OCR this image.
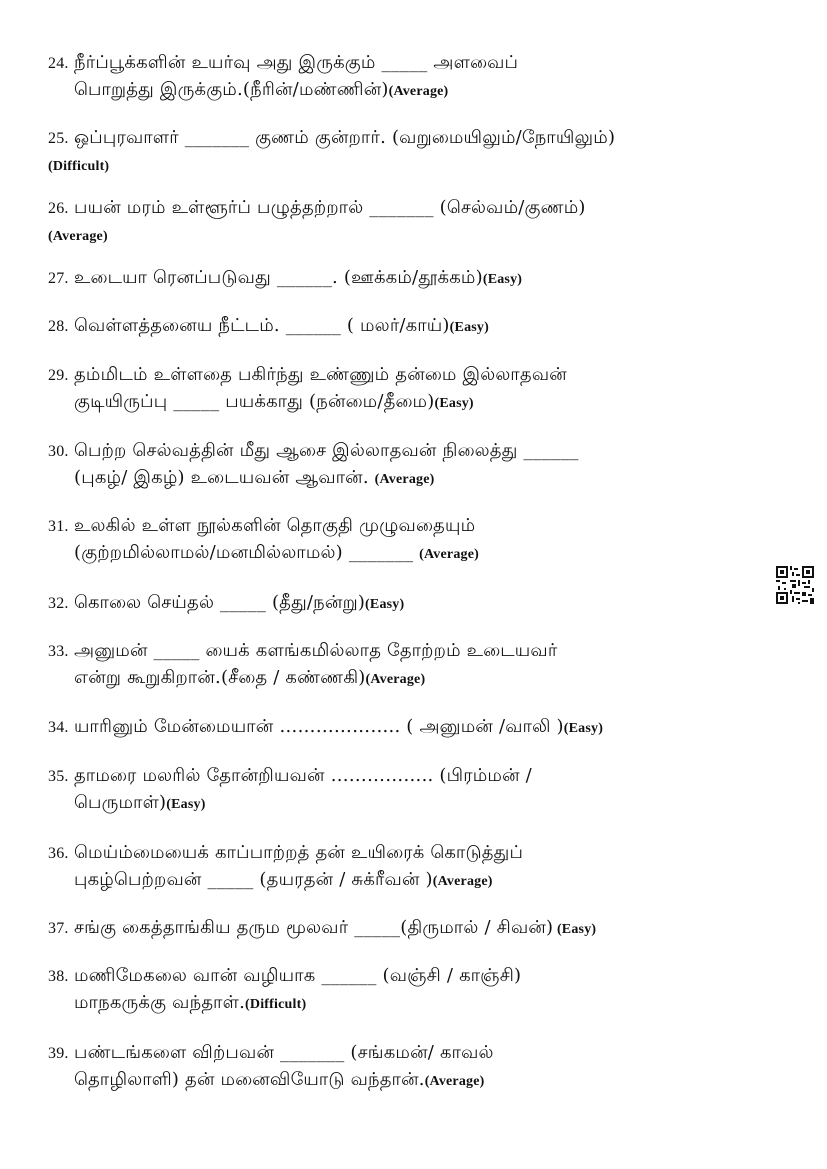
24. நீர்ப்பூக்களின் உயர்வு அது இருக்கும் _____ அளவைப்
பொறுத்து இருக்கும்.(நீரின்/மண்ணின்)(Average)
25. ஒப்புரவாளர் _______ குணம் குன்றார். (வறுமையிலும்/நோயிலும்)
(Difficult)
26. பயன் மரம் உள்ளூர்ப் பழுத்தற்றால் _______ (செல்வம்/குணம்)
(Average)
27. உடையா ரெனப்படுவது ______. (ஊக்கம்/தூக்கம்)(Easy)
28. வெள்ளத்தனைய நீட்டம். ______ ( மலர்/காய்)(Easy)
29. தம்மிடம் உள்ளதை பகிர்ந்து உண்ணும் தன்மை இல்லாதவன்
குடியிருப்பு _____ பயக்காது (நன்மை/தீமை)(Easy)
30. பெற்ற செல்வத்தின் மீது ஆசை இல்லாதவன் நிலைத்து ______
(புகழ்/ இகழ்) உடையவன் ஆவான். (Average)
31. உலகில் உள்ள நூல்களின் தொகுதி முழுவதையும்
(குற்றமில்லாமல்/மனமில்லாமல்) _______ (Average)
32. கொலை செய்தல் _____ (தீது/நன்று)(Easy)
33. அனுமன் _____ யைக் களங்கமில்லாத தோற்றம் உடையவர்
என்று கூறுகிறான்.(சீதை / கண்ணகி)(Average)
34. யாரினும் மேன்மையான் ……………….. ( அனுமன் /வாலி )(Easy)
35. தாமரை மலரில் தோன்றியவன் …………….. (பிரம்மன் /
பெருமாள்)(Easy)
36. மெய்ம்மையைக் காப்பாற்றத் தன் உயிரைக் கொடுத்துப்
புகழ்பெற்றவன் _____ (தயரதன் / சுக்ரீவன் )(Average)
37. சங்கு கைத்தாங்கிய தரும மூலவர் _____(திருமால் / சிவன்) (Easy)
38. மணிமேகலை வான் வழியாக ______ (வஞ்சி / காஞ்சி)
மாநகருக்கு வந்தாள்.(Difficult)
39. பண்டங்களை விற்பவன் _______ (சங்கமன்/ காவல்
தொழிலாளி) தன் மனைவியோடு வந்தான்.(Average)
